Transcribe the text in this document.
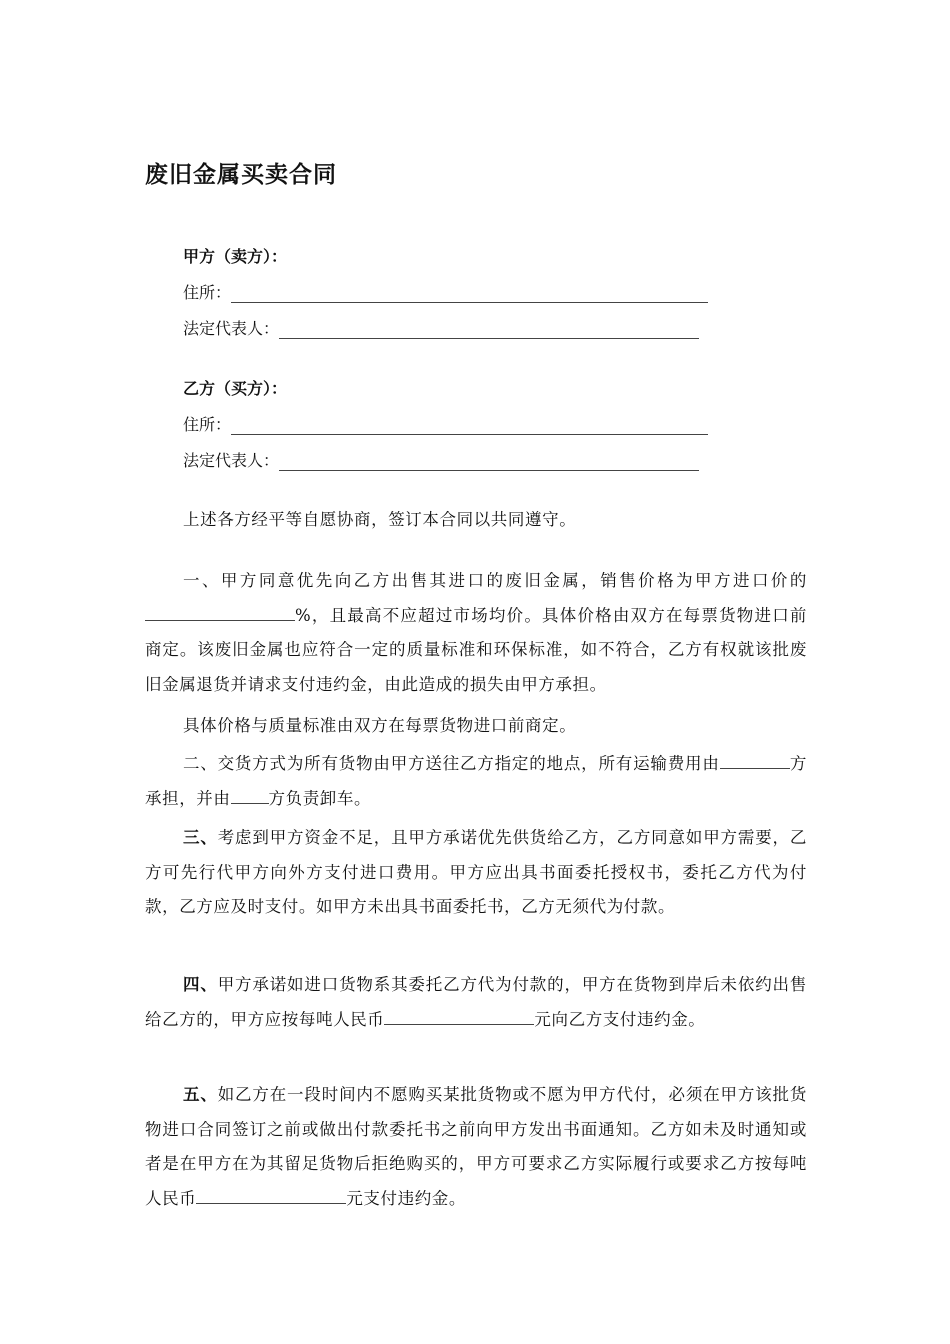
废旧金属买卖合同
甲方（卖方）：
住所：
法定代表人：
乙方（买方）：
住所：
法定代表人：

上述各方经平等自愿协商，签订本合同以共同遵守。

一、甲方同意优先向乙方出售其进口的废旧金属，销售价格为甲方进口价的%，且最高不应超过市场均价。具体价格由双方在每票货物进口前商定。该废旧金属也应符合一定的质量标准和环保标准，如不符合，乙方有权就该批废旧金属退货并请求支付违约金，由此造成的损失由甲方承担。

具体价格与质量标准由双方在每票货物进口前商定。

二、交货方式为所有货物由甲方送往乙方指定的地点，所有运输费用由	方承担，并由 方负责卸车。

三、考虑到甲方资金不足，且甲方承诺优先供货给乙方，乙方同意如甲方需要，乙方可先行代甲方向外方支付进口费用。甲方应出具书面委托授权书，委托乙方代为付款，乙方应及时支付。如甲方未出具书面委托书，乙方无须代为付款。

四、甲方承诺如进口货物系其委托乙方代为付款的，甲方在货物到岸后未依约出售给乙方的，甲方应按每吨人民币	元向乙方支付违约金。

五、如乙方在一段时间内不愿购买某批货物或不愿为甲方代付，必须在甲方该批货物进口合同签订之前或做出付款委托书之前向甲方发出书面通知。乙方如未及时通知或者是在甲方在为其留足货物后拒绝购买的，甲方可要求乙方实际履行或要求乙方按每吨人民币	元支付违约金。
